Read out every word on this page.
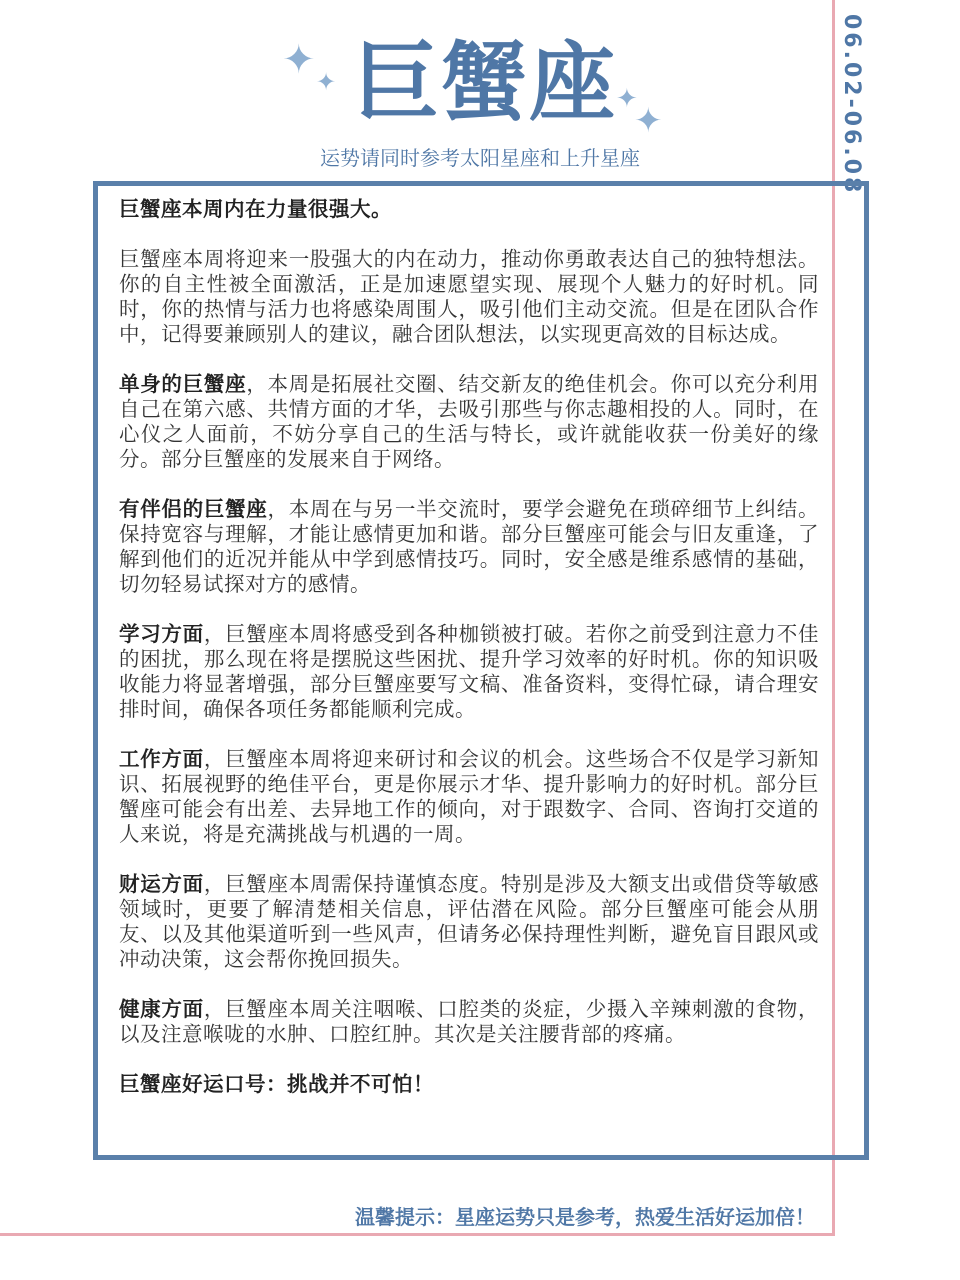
✦ ✦
✦
✦
巨蟹座
运势请同时参考太阳星座和上升星座	06.02-06.08

巨蟹座本周内在力量很强大。

巨蟹座本周将迎来一股强大的内在动力，推动你勇敢表达自己的独特想法。你的自主性被全面激活，正是加速愿望实现、展现个人魅力的好时机。同时，你的热情与活力也将感染周围人，吸引他们主动交流。但是在团队合作中，记得要兼顾别人的建议，融合团队想法，以实现更高效的目标达成。

单身的巨蟹座，本周是拓展社交圈、结交新友的绝佳机会。你可以充分利用自己在第六感、共情方面的才华，去吸引那些与你志趣相投的人。同时，在心仪之人面前，不妨分享自己的生活与特长，或许就能收获一份美好的缘分。部分巨蟹座的发展来自于网络。

有伴侣的巨蟹座，本周在与另一半交流时，要学会避免在琐碎细节上纠结。保持宽容与理解，才能让感情更加和谐。部分巨蟹座可能会与旧友重逢，了解到他们的近况并能从中学到感情技巧。同时，安全感是维系感情的基础，切勿轻易试探对方的感情。

学习方面，巨蟹座本周将感受到各种枷锁被打破。若你之前受到注意力不佳的困扰，那么现在将是摆脱这些困扰、提升学习效率的好时机。你的知识吸收能力将显著增强，部分巨蟹座要写文稿、准备资料，变得忙碌，请合理安排时间，确保各项任务都能顺利完成。

工作方面，巨蟹座本周将迎来研讨和会议的机会。这些场合不仅是学习新知识、拓展视野的绝佳平台，更是你展示才华、提升影响力的好时机。部分巨蟹座可能会有出差、去异地工作的倾向，对于跟数字、合同、咨询打交道的人来说，将是充满挑战与机遇的一周。

财运方面，巨蟹座本周需保持谨慎态度。特别是涉及大额支出或借贷等敏感领域时，更要了解清楚相关信息，评估潜在风险。部分巨蟹座可能会从朋友、以及其他渠道听到一些风声，但请务必保持理性判断，避免盲目跟风或冲动决策，这会帮你挽回损失。

健康方面，巨蟹座本周关注咽喉、口腔类的炎症，少摄入辛辣刺激的食物，以及注意喉咙的水肿、口腔红肿。其次是关注腰背部的疼痛。

巨蟹座好运口号：挑战并不可怕！

温馨提示：星座运势只是参考，热爱生活好运加倍！
